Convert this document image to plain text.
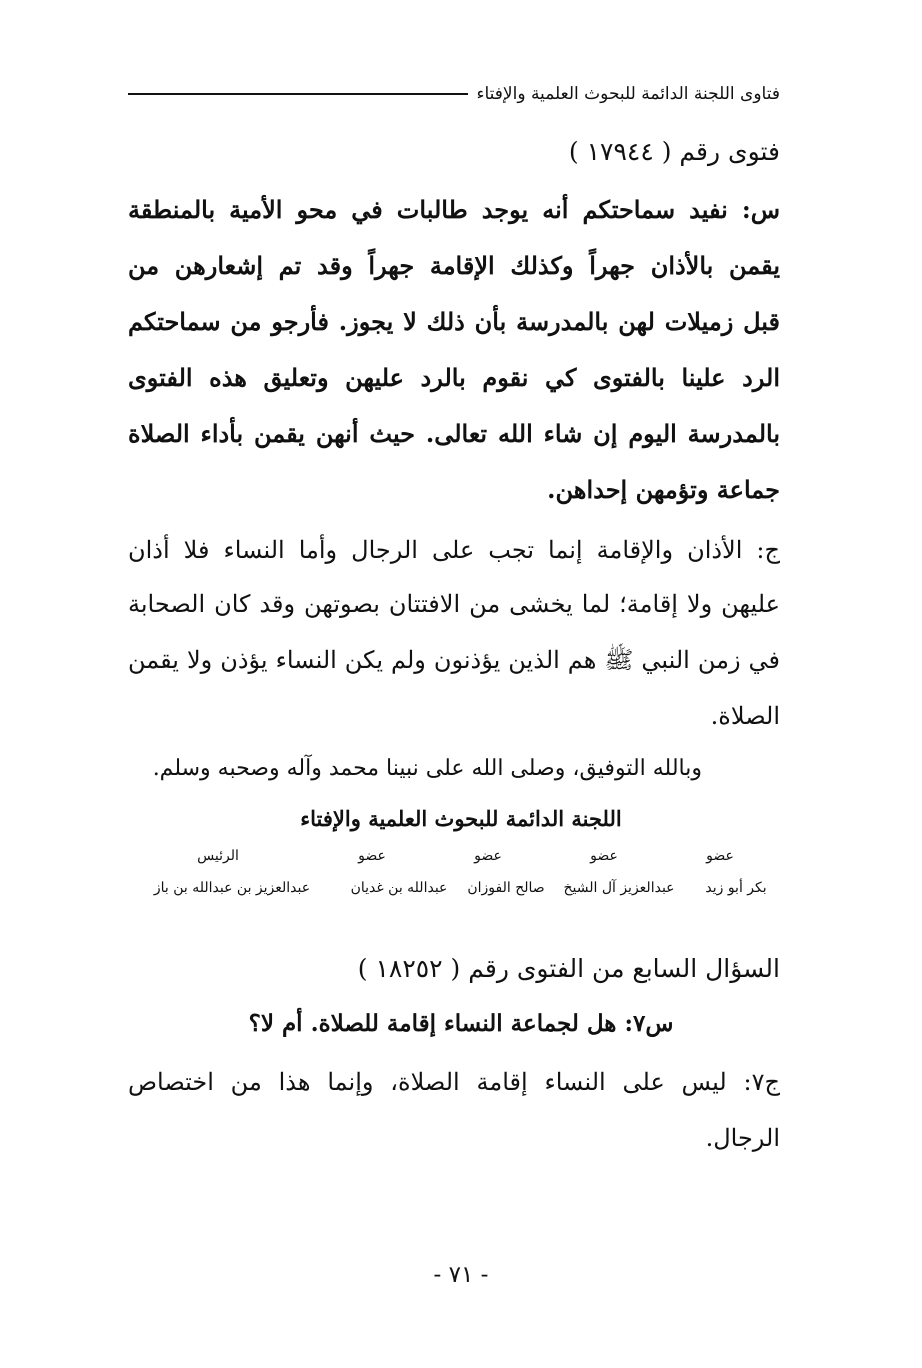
فتاوى اللجنة الدائمة للبحوث العلمية والإفتاء
فتوى رقم ( ١٧٩٤٤ )
س: نفيد سماحتكم أنه يوجد طالبات في محو الأمية بالمنطقة
يقمن بالأذان جهراً وكذلك الإقامة جهراً وقد تم إشعارهن من
قبل زميلات لهن بالمدرسة بأن ذلك لا يجوز. فأرجو من سماحتكم
الرد علينا بالفتوى كي نقوم بالرد عليهن وتعليق هذه الفتوى
بالمدرسة اليوم إن شاء الله تعالى. حيث أنهن يقمن بأداء الصلاة
جماعة وتؤمهن إحداهن.
ج: الأذان والإقامة إنما تجب على الرجال وأما النساء فلا أذان
عليهن ولا إقامة؛ لما يخشى من الافتتان بصوتهن وقد كان الصحابة
في زمن النبي ﷺ هم الذين يؤذنون ولم يكن النساء يؤذن ولا يقمن
الصلاة.
وبالله التوفيق، وصلى الله على نبينا محمد وآله وصحبه وسلم.
اللجنة الدائمة للبحوث العلمية والإفتاء
عضو
عضو
عضو
عضو
الرئيس
بكر أبو زيد
عبدالعزيز آل الشيخ
صالح الفوزان
عبدالله بن غديان
عبدالعزيز بن عبدالله بن باز
السؤال السابع من الفتوى رقم ( ١٨٢٥٢ )
س٧: هل لجماعة النساء إقامة للصلاة. أم لا؟
ج٧: ليس على النساء إقامة الصلاة، وإنما هذا من اختصاص
الرجال.
- ٧١ -
